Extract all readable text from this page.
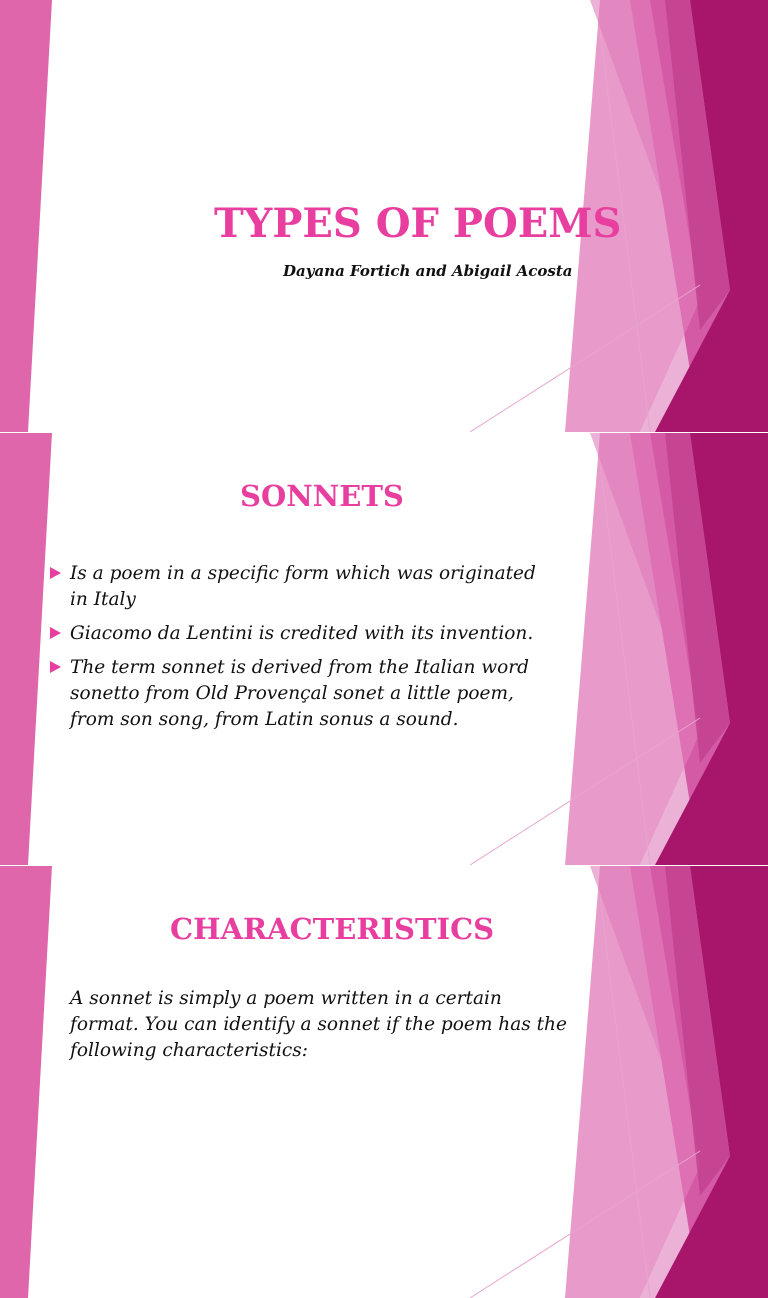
TYPES OF POEMS
Dayana Fortich and Abigail Acosta
SONNETS
Is a poem in a specific form which was originated in Italy
Giacomo da Lentini is credited with its invention.
The term sonnet is derived from the Italian word sonetto from Old Provençal sonet a little poem, from son song, from Latin sonus a sound.
CHARACTERISTICS

A sonnet is simply a poem written in a certain format. You can identify a sonnet if the poem has the following characteristics:
